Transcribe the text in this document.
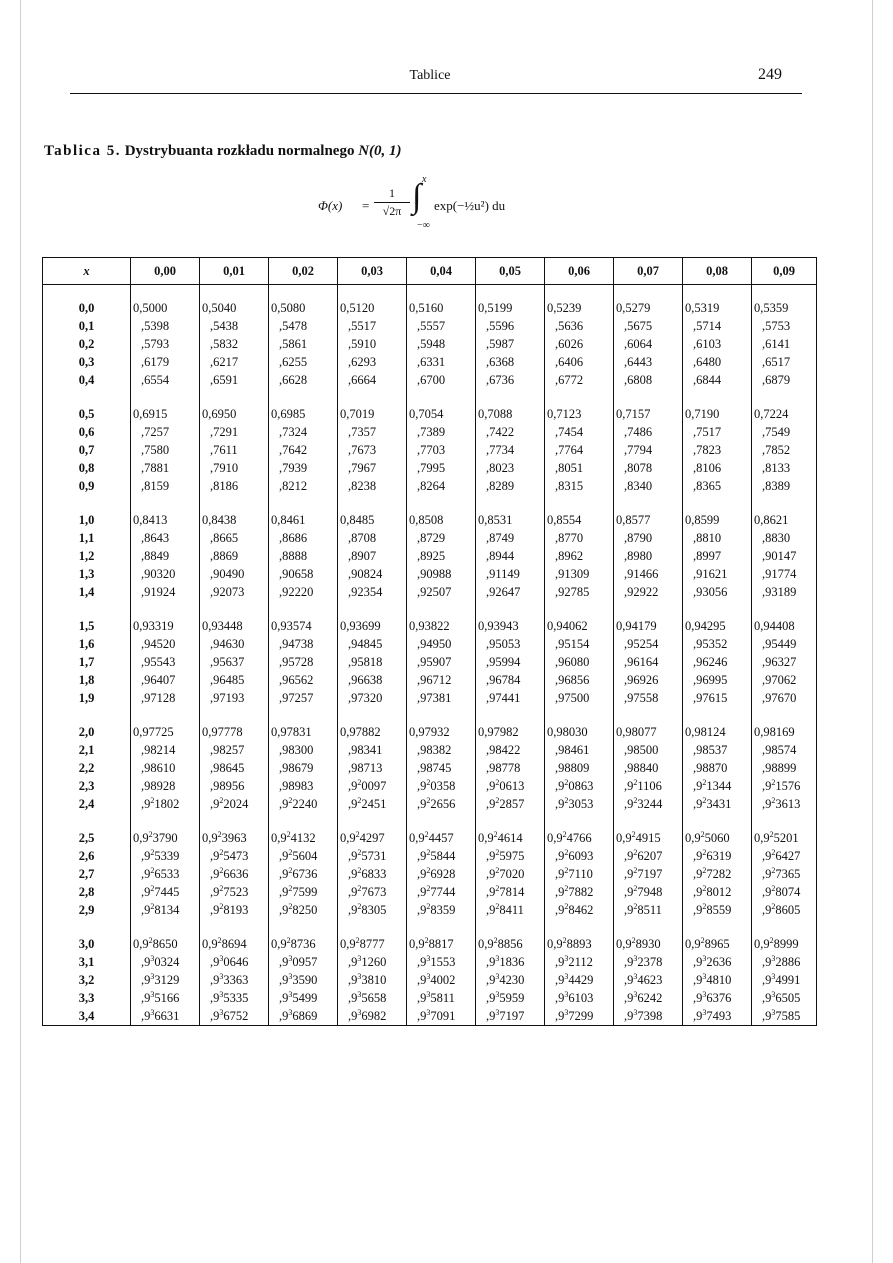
Tablice	249
Tablica 5. Dystrybuanta rozkładu normalnego N(0, 1)
Φ(x) =
1
√2π ∫ x
−∞
exp(−½u²) du
x	0,00	0,01	0,02	0,03	0,04	0,05	0,06	0,07	0,08	0,09

0,0	0,5000	0,5040	0,5080	0,5120	0,5160	0,5199	0,5239	0,5279	0,5319	0,5359
0,1	,5398	,5438	,5478	,5517	,5557	,5596	,5636	,5675	,5714	,5753
0,2	,5793	,5832	,5861	,5910	,5948	,5987	,6026	,6064	,6103	,6141
0,3	,6179	,6217	,6255	,6293	,6331	,6368	,6406	,6443	,6480	,6517
0,4	,6554	,6591	,6628	,6664	,6700	,6736	,6772	,6808	,6844	,6879

0,5	0,6915	0,6950	0,6985	0,7019	0,7054	0,7088	0,7123	0,7157	0,7190	0,7224
0,6	,7257	,7291	,7324	,7357	,7389	,7422	,7454	,7486	,7517	,7549
0,7	,7580	,7611	,7642	,7673	,7703	,7734	,7764	,7794	,7823	,7852
0,8	,7881	,7910	,7939	,7967	,7995	,8023	,8051	,8078	,8106	,8133
0,9	,8159	,8186	,8212	,8238	,8264	,8289	,8315	,8340	,8365	,8389

1,0	0,8413	0,8438	0,8461	0,8485	0,8508	0,8531	0,8554	0,8577	0,8599	0,8621
1,1	,8643	,8665	,8686	,8708	,8729	,8749	,8770	,8790	,8810	,8830
1,2	,8849	,8869	,8888	,8907	,8925	,8944	,8962	,8980	,8997	,90147
1,3	,90320	,90490	,90658	,90824	,90988	,91149	,91309	,91466	,91621	,91774
1,4	,91924	,92073	,92220	,92354	,92507	,92647	,92785	,92922	,93056	,93189

1,5	0,93319	0,93448	0,93574	0,93699	0,93822	0,93943	0,94062	0,94179	0,94295	0,94408
1,6	,94520	,94630	,94738	,94845	,94950	,95053	,95154	,95254	,95352	,95449
1,7	,95543	,95637	,95728	,95818	,95907	,95994	,96080	,96164	,96246	,96327
1,8	,96407	,96485	,96562	,96638	,96712	,96784	,96856	,96926	,96995	,97062
1,9	,97128	,97193	,97257	,97320	,97381	,97441	,97500	,97558	,97615	,97670

2,0	0,97725	0,97778	0,97831	0,97882	0,97932	0,97982	0,98030	0,98077	0,98124	0,98169
2,1	,98214	,98257	,98300	,98341	,98382	,98422	,98461	,98500	,98537	,98574
2,2	,98610	,98645	,98679	,98713	,98745	,98778	,98809	,98840	,98870	,98899
2,3	,98928	,98956	,98983	$,9^20097$	$,9^20358$	$,9^20613$	$,9^20863$	$,9^21106$	$,9^21344$	$,9^21576$
2,4	$,9^21802$	$,9^22024$	$,9^22240$	$,9^22451$	$,9^22656$	$,9^22857$	$,9^23053$	$,9^23244$	$,9^23431$	$,9^23613$

2,5	$0,9^23790$	$0,9^23963$	$0,9^24132$	$0,9^24297$	$0,9^24457$	$0,9^24614$	$0,9^24766$	$0,9^24915$	$0,9^25060$	$0,9^25201$
2,6	$,9^25339$	$,9^25473$	$,9^25604$	$,9^25731$	$,9^25844$	$,9^25975$	$,9^26093$	$,9^26207$	$,9^26319$	$,9^26427$
2,7	$,9^26533$	$,9^26636$	$,9^26736$	$,9^26833$	$,9^26928$	$,9^27020$	$,9^27110$	$,9^27197$	$,9^27282$	$,9^27365$
2,8	$,9^27445$	$,9^27523$	$,9^27599$	$,9^27673$	$,9^27744$	$,9^27814$	$,9^27882$	$,9^27948$	$,9^28012$	$,9^28074$
2,9	$,9^28134$	$,9^28193$	$,9^28250$	$,9^28305$	$,9^28359$	$,9^28411$	$,9^28462$	$,9^28511$	$,9^28559$	$,9^28605$

3,0	$0,9^28650$	$0,9^28694$	$0,9^28736$	$0,9^28777$	$0,9^28817$	$0,9^28856$	$0,9^28893$	$0,9^28930$	$0,9^28965$	$0,9^28999$
3,1	$,9^30324$	$,9^30646$	$,9^30957$	$,9^31260$	$,9^31553$	$,9^31836$	$,9^32112$	$,9^32378$	$,9^32636$	$,9^32886$
3,2	$,9^33129$	$,9^33363$	$,9^33590$	$,9^33810$	$,9^34002$	$,9^34230$	$,9^34429$	$,9^34623$	$,9^34810$	$,9^34991$
3,3	$,9^35166$	$,9^35335$	$,9^35499$	$,9^35658$	$,9^35811$	$,9^35959$	$,9^36103$	$,9^36242$	$,9^36376$	$,9^36505$
3,4	$,9^36631$	$,9^36752$	$,9^36869$	$,9^36982$	$,9^37091$	$,9^37197$	$,9^37299$	$,9^37398$	$,9^37493$	$,9^37585$
